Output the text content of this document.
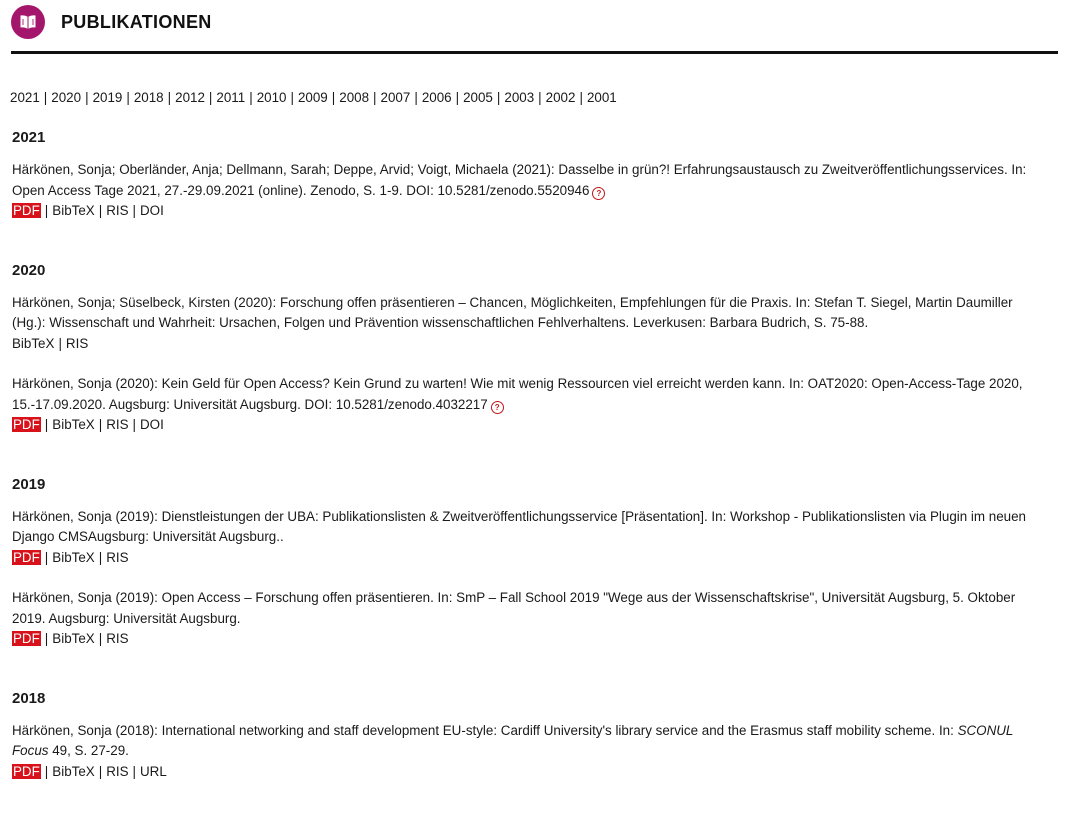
PUBLIKATIONEN
2021 | 2020 | 2019 | 2018 | 2012 | 2011 | 2010 | 2009 | 2008 | 2007 | 2006 | 2005 | 2003 | 2002 | 2001
2021
Härkönen, Sonja; Oberländer, Anja; Dellmann, Sarah; Deppe, Arvid; Voigt, Michaela (2021): Dasselbe in grün?! Erfahrungsaustausch zu Zweitveröffentlichungsservices. In: Open Access Tage 2021, 27.-29.09.2021 (online). Zenodo, S. 1-9. DOI: 10.5281/zenodo.5520946 ?
PDF | BibTeX | RIS | DOI
2020
Härkönen, Sonja; Süselbeck, Kirsten (2020): Forschung offen präsentieren – Chancen, Möglichkeiten, Empfehlungen für die Praxis. In: Stefan T. Siegel, Martin Daumiller (Hg.): Wissenschaft und Wahrheit: Ursachen, Folgen und Prävention wissenschaftlichen Fehlverhaltens. Leverkusen: Barbara Budrich, S. 75-88.
BibTeX | RIS
Härkönen, Sonja (2020): Kein Geld für Open Access? Kein Grund zu warten! Wie mit wenig Ressourcen viel erreicht werden kann. In: OAT2020: Open-Access-Tage 2020, 15.-17.09.2020. Augsburg: Universität Augsburg. DOI: 10.5281/zenodo.4032217 ?
PDF | BibTeX | RIS | DOI
2019
Härkönen, Sonja (2019): Dienstleistungen der UBA: Publikationslisten & Zweitveröffentlichungsservice [Präsentation]. In: Workshop - Publikationslisten via Plugin im neuen Django CMSAugsburg: Universität Augsburg..
PDF | BibTeX | RIS
Härkönen, Sonja (2019): Open Access – Forschung offen präsentieren. In: SmP – Fall School 2019 "Wege aus der Wissenschaftskrise", Universität Augsburg, 5. Oktober 2019. Augsburg: Universität Augsburg.
PDF | BibTeX | RIS
2018
Härkönen, Sonja (2018): International networking and staff development EU-style: Cardiff University's library service and the Erasmus staff mobility scheme. In: SCONUL Focus 49, S. 27-29.
PDF | BibTeX | RIS | URL
